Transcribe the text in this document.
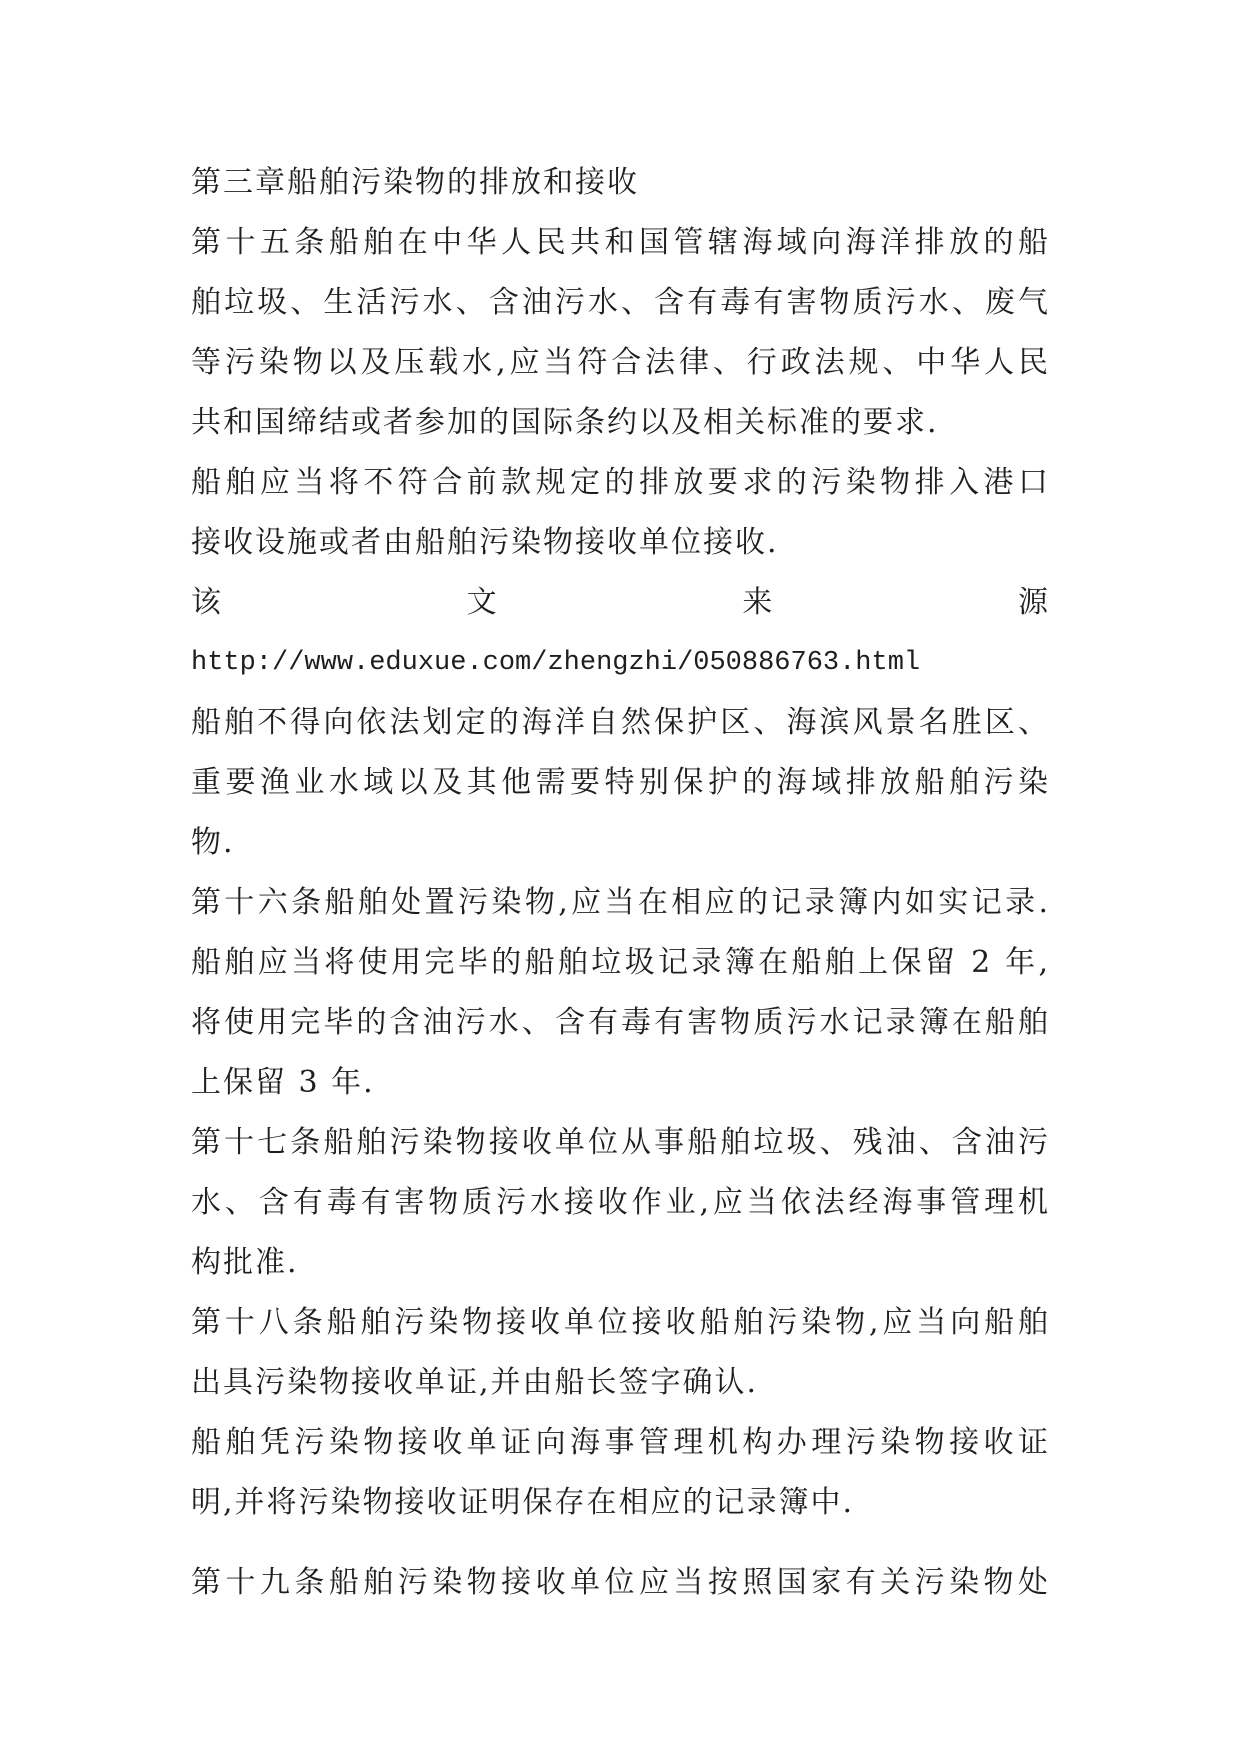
第三章船舶污染物的排放和接收
第十五条船舶在中华人民共和国管辖海域向海洋排放的船
舶垃圾、生活污水、含油污水、含有毒有害物质污水、废气
等污染物以及压载水,应当符合法律、行政法规、中华人民
共和国缔结或者参加的国际条约以及相关标准的要求.
船舶应当将不符合前款规定的排放要求的污染物排入港口
接收设施或者由船舶污染物接收单位接收.
该 文 来 源
http://www.eduxue.com/zhengzhi/050886763.html
船舶不得向依法划定的海洋自然保护区、海滨风景名胜区、
重要渔业水域以及其他需要特别保护的海域排放船舶污染
物.
第十六条船舶处置污染物,应当在相应的记录簿内如实记录.
船舶应当将使用完毕的船舶垃圾记录簿在船舶上保留 2 年,
将使用完毕的含油污水、含有毒有害物质污水记录簿在船舶
上保留 3 年.
第十七条船舶污染物接收单位从事船舶垃圾、残油、含油污
水、含有毒有害物质污水接收作业,应当依法经海事管理机
构批准.
第十八条船舶污染物接收单位接收船舶污染物,应当向船舶
出具污染物接收单证,并由船长签字确认.
船舶凭污染物接收单证向海事管理机构办理污染物接收证
明,并将污染物接收证明保存在相应的记录簿中.
第十九条船舶污染物接收单位应当按照国家有关污染物处
